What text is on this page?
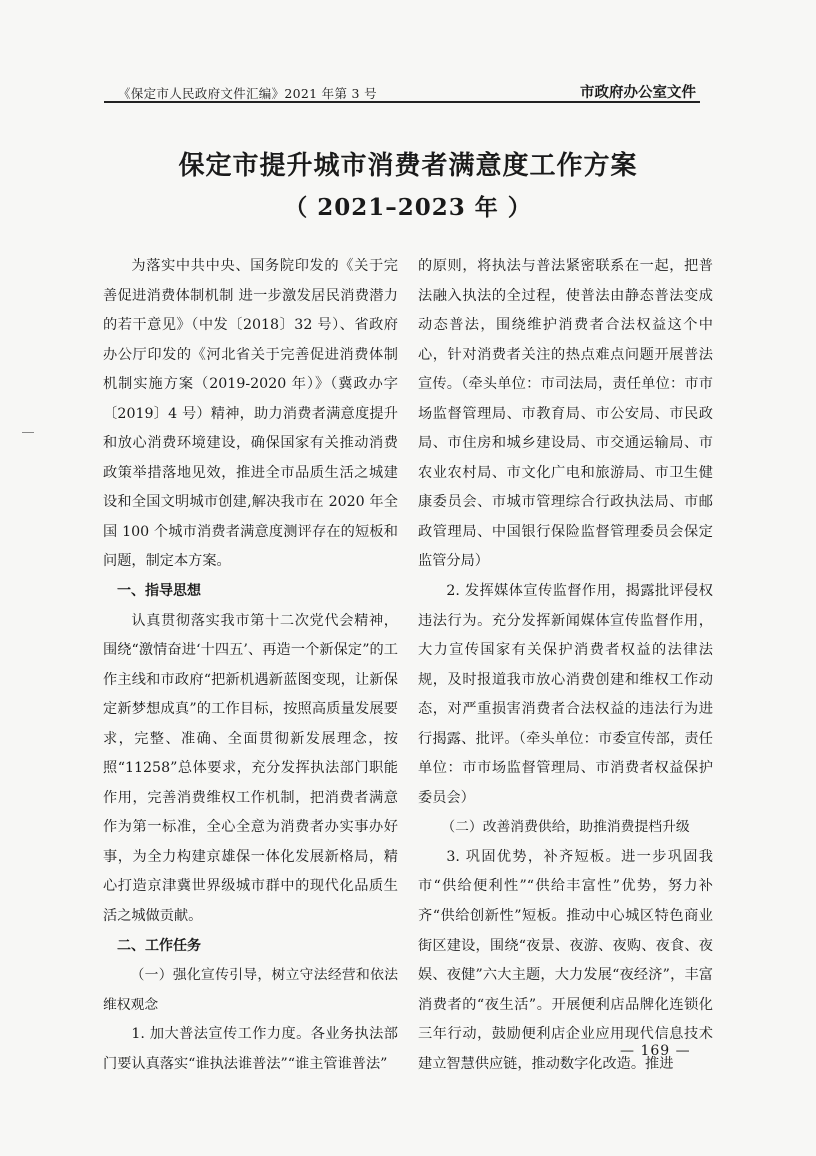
《保定市人民政府文件汇编》2021 年第 3 号	市政府办公室文件
保定市提升城市消费者满意度工作方案
（ 2021–2023 年 ）

为落实中共中央、国务院印发的《关于完善促进消费体制机制 进一步激发居民消费潜力的若干意见》（中发〔2018〕32 号）、省政府办公厅印发的《河北省关于完善促进消费体制机制实施方案（2019-2020 年）》（冀政办字〔2019〕4 号）精神，助力消费者满意度提升和放心消费环境建设，确保国家有关推动消费政策举措落地见效，推进全市品质生活之城建设和全国文明城市创建,解决我市在 2020 年全国 100 个城市消费者满意度测评存在的短板和问题，制定本方案。

一、指导思想

认真贯彻落实我市第十二次党代会精神，围绕“激情奋进‘十四五’、再造一个新保定”的工作主线和市政府“把新机遇新蓝图变现，让新保定新梦想成真”的工作目标，按照高质量发展要求，完整、准确、全面贯彻新发展理念，按照“11258”总体要求，充分发挥执法部门职能作用，完善消费维权工作机制，把消费者满意作为第一标准，全心全意为消费者办实事办好事，为全力构建京雄保一体化发展新格局，精心打造京津冀世界级城市群中的现代化品质生活之城做贡献。

二、工作任务

（一）强化宣传引导，树立守法经营和依法维权观念

1. 加大普法宣传工作力度。各业务执法部门要认真落实“谁执法谁普法”“谁主管谁普法”

的原则，将执法与普法紧密联系在一起，把普法融入执法的全过程，使普法由静态普法变成动态普法，围绕维护消费者合法权益这个中心，针对消费者关注的热点难点问题开展普法宣传。（牵头单位：市司法局，责任单位：市市场监督管理局、市教育局、市公安局、市民政局、市住房和城乡建设局、市交通运输局、市农业农村局、市文化广电和旅游局、市卫生健康委员会、市城市管理综合行政执法局、市邮政管理局、中国银行保险监督管理委员会保定监管分局）

2. 发挥媒体宣传监督作用，揭露批评侵权违法行为。充分发挥新闻媒体宣传监督作用，大力宣传国家有关保护消费者权益的法律法规，及时报道我市放心消费创建和维权工作动态，对严重损害消费者合法权益的违法行为进行揭露、批评。（牵头单位：市委宣传部，责任单位：市市场监督管理局、市消费者权益保护委员会）

（二）改善消费供给，助推消费提档升级

3. 巩固优势，补齐短板。进一步巩固我市“供给便利性”“供给丰富性”优势，努力补齐“供给创新性”短板。推动中心城区特色商业街区建设，围绕“夜景、夜游、夜购、夜食、夜娱、夜健”六大主题，大力发展“夜经济”，丰富消费者的“夜生活”。开展便利店品牌化连锁化三年行动，鼓励便利店企业应用现代信息技术建立智慧供应链，推动数字化改造。推进

— 169 —
